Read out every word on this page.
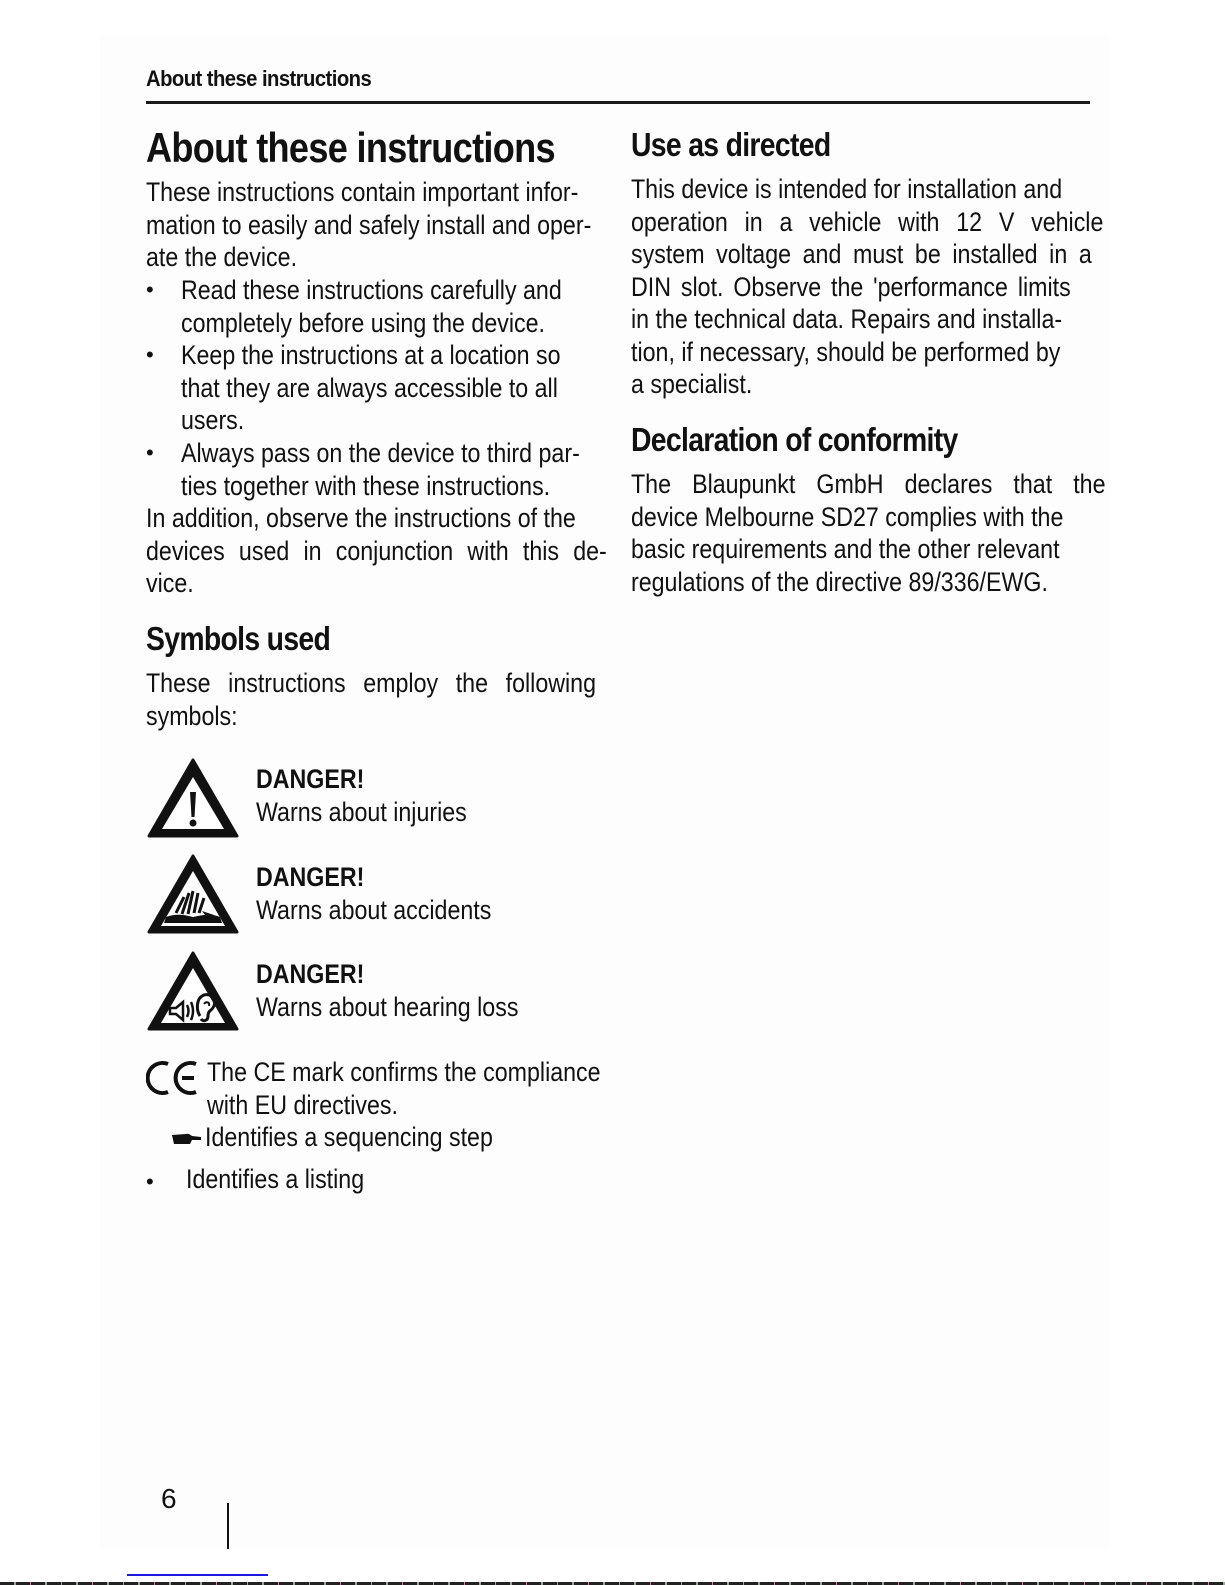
About these instructions
About these instructions
These instructions contain important infor-
mation to easily and safely install and oper-
ate the device.
• Read these instructions carefully and
completely before using the device.
• Keep the instructions at a location so
that they are always accessible to all
users.
• Always pass on the device to third par-
ties together with these instructions.
In addition, observe the instructions of the
devices used in conjunction with this de-
vice.
Symbols used
These instructions employ the following
symbols:
DANGER!
Warns about injuries
DANGER!
Warns about accidents
DANGER!
Warns about hearing loss
The CE mark confirms the compliance
with EU directives.
Identifies a sequencing step
• Identifies a listing
Use as directed
This device is intended for installation and
operation in a vehicle with 12 V vehicle
system voltage and must be installed in a
DIN slot. Observe the 'performance limits
in the technical data. Repairs and installa-
tion, if necessary, should be performed by
a specialist.
Declaration of conformity
The Blaupunkt GmbH declares that the
device Melbourne SD27 complies with the
basic requirements and the other relevant
regulations of the directive 89/336/EWG.
6
